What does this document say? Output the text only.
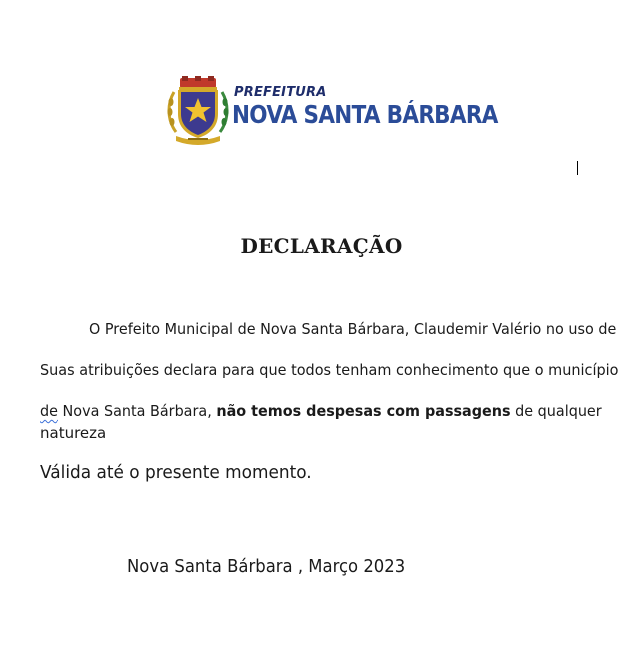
PREFEITURA
NOVA SANTA BÁRBARA
DECLARAÇÃO
O Prefeito Municipal de Nova Santa Bárbara, Claudemir Valério no uso de
Suas atribuições declara para que todos tenham conhecimento que o município
de Nova Santa Bárbara, não temos despesas com passagens de qualquer
natureza
Válida até o presente momento.
Nova Santa Bárbara , Março 2023
